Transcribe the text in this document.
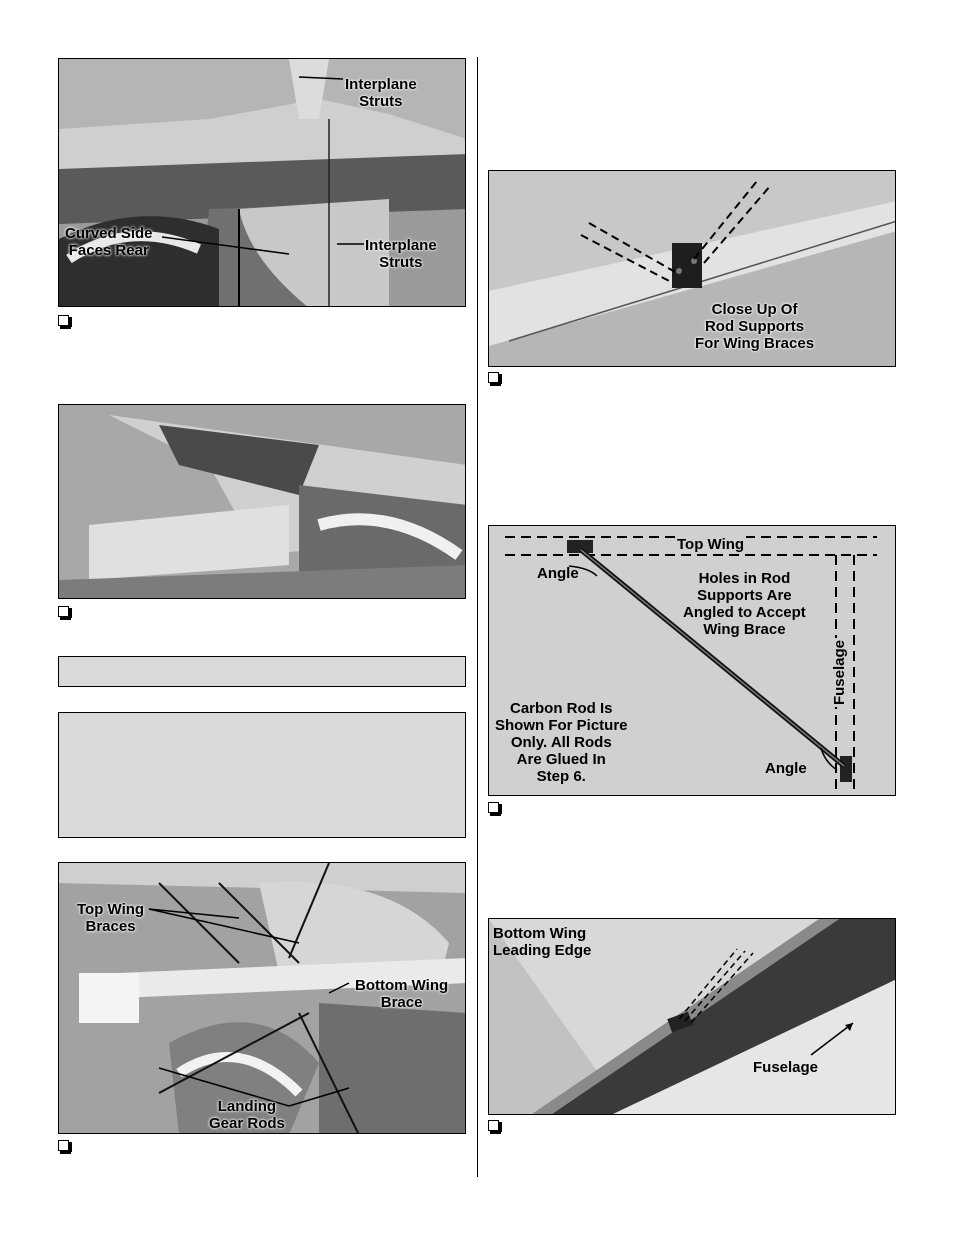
Interplane
Struts
Curved Side
Faces Rear	Interplane
Struts
Top Wing
Braces
Bottom Wing
Brace
Landing
Gear Rods
Close Up Of
Rod Supports
For Wing Braces
Top Wing
Angle	Holes in Rod
Supports Are
Angled to Accept
Wing Brace
Fuselage
Carbon Rod Is
Shown For Picture
Only. All Rods
Are Glued In
Step 6.	Angle
Bottom Wing
Leading Edge
Fuselage
